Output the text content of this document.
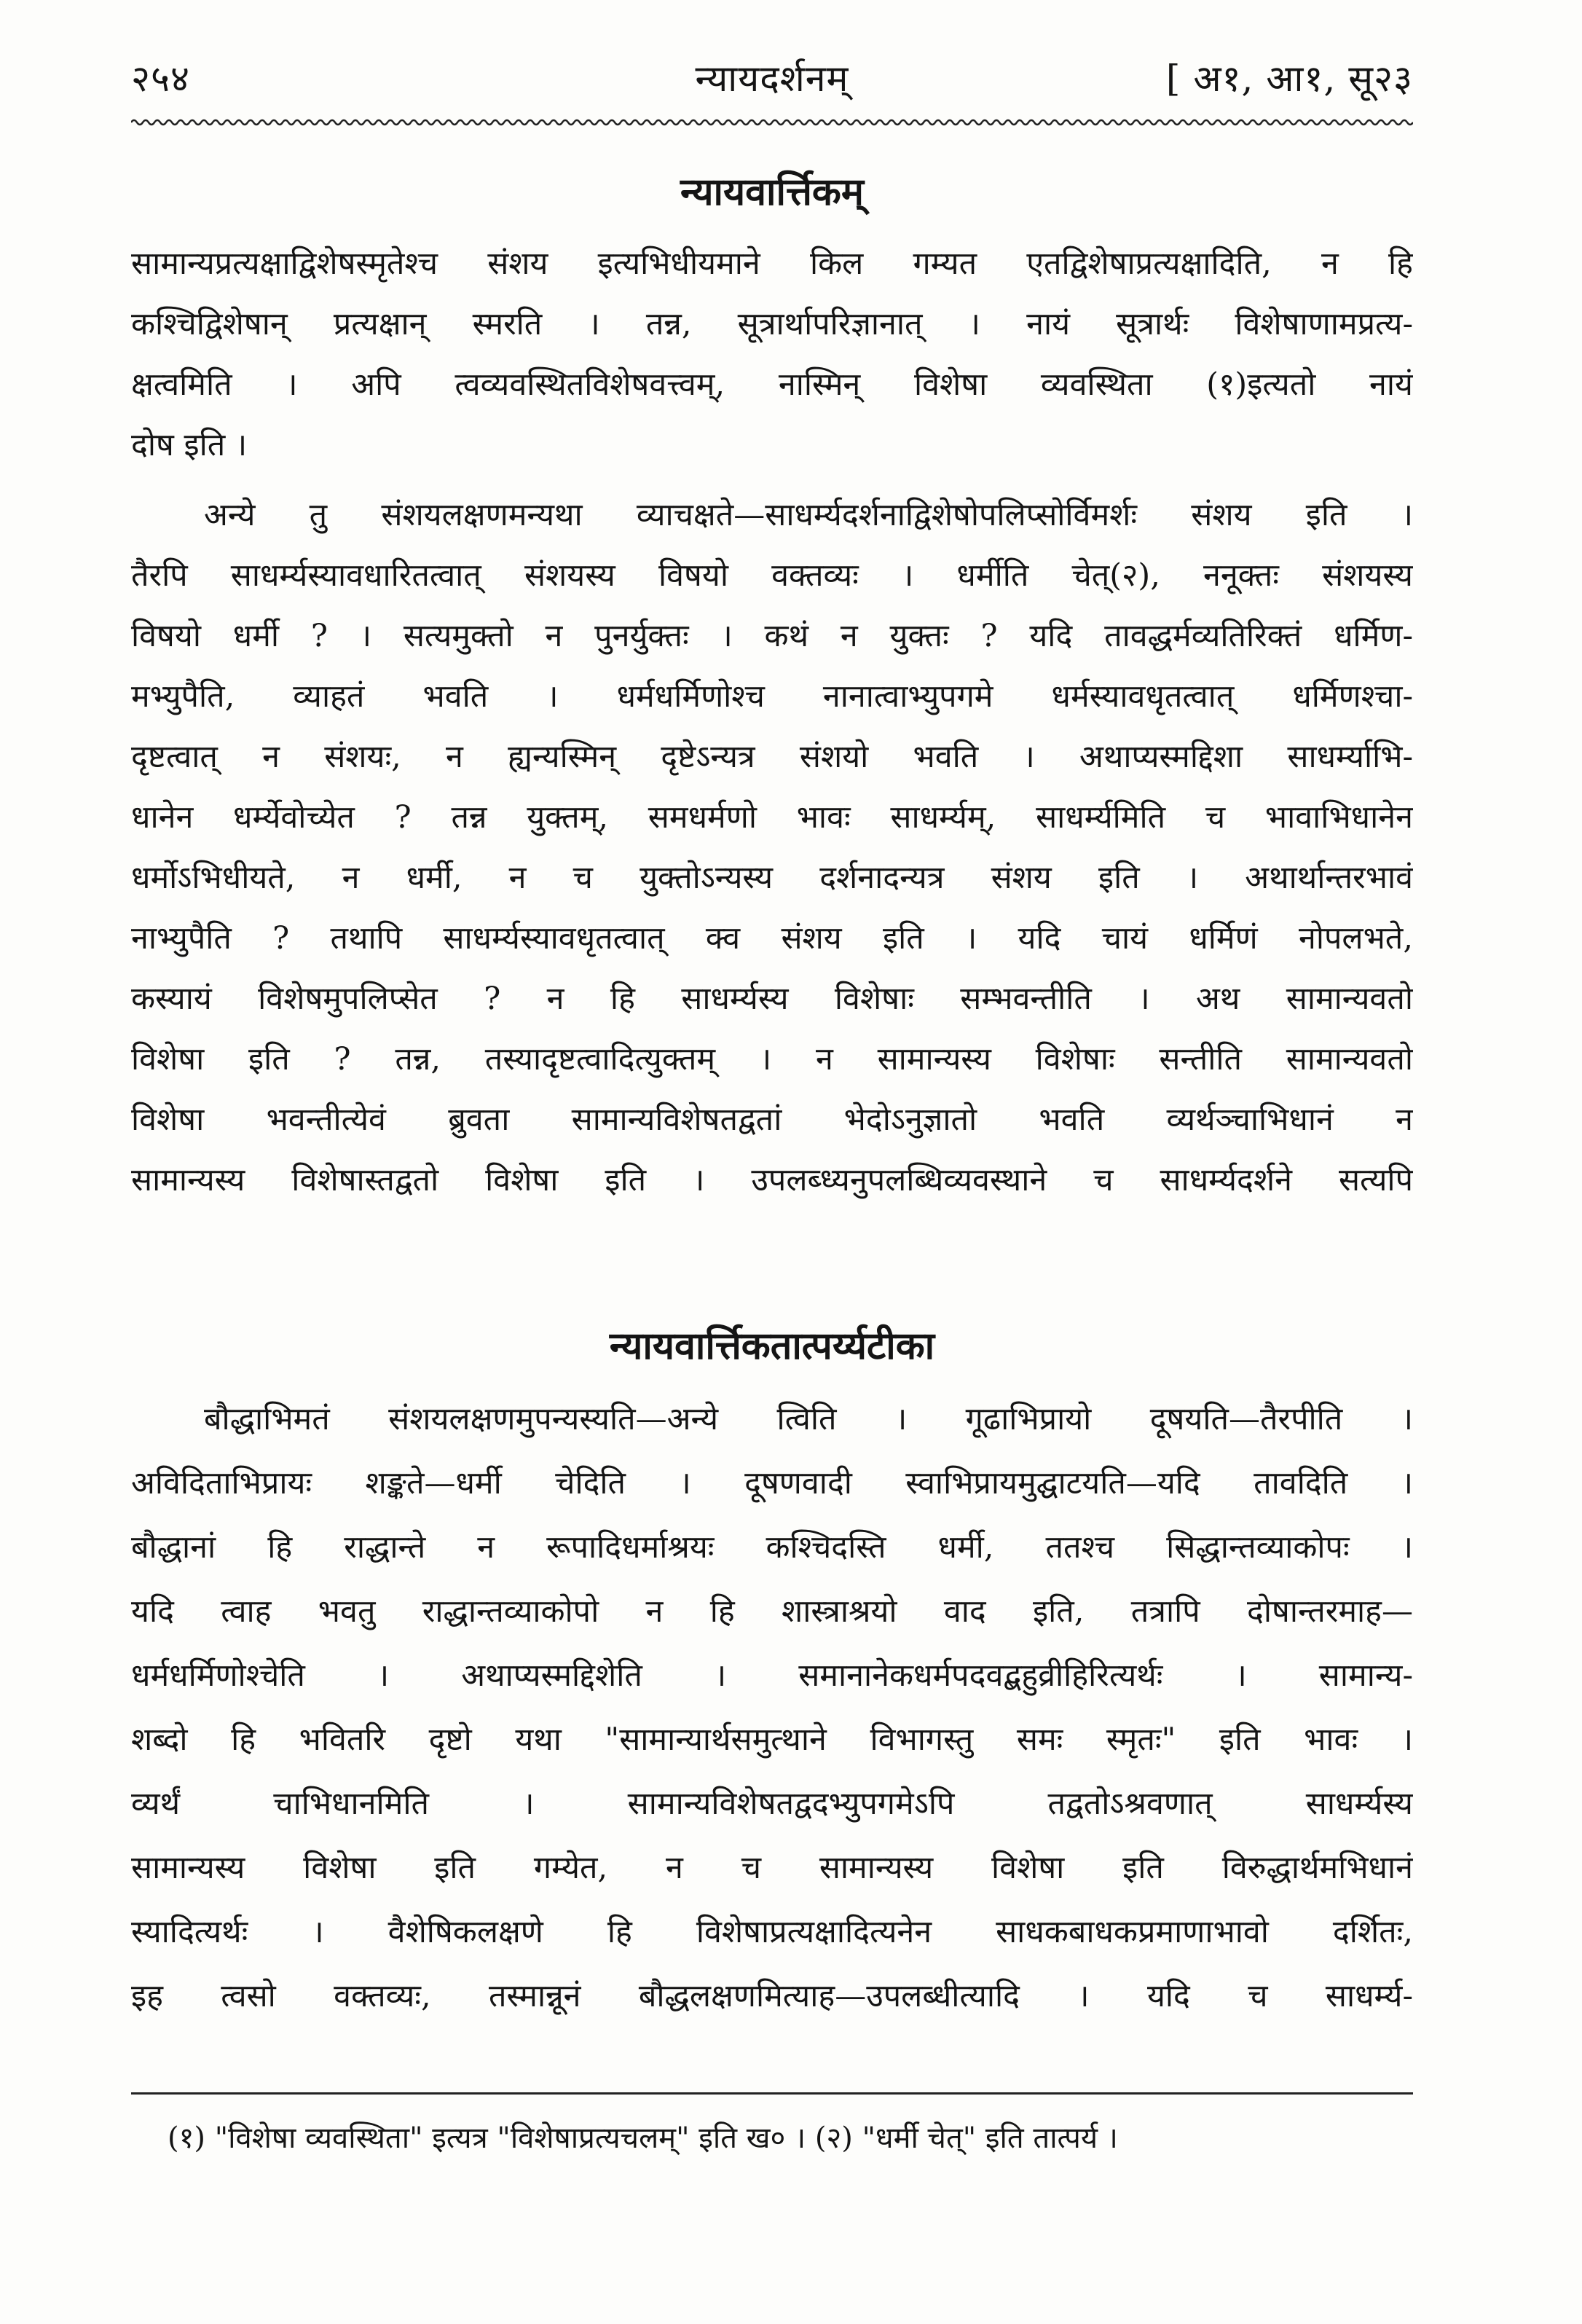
२५४	न्यायदर्शनम्	[ अ१, आ१, सू२३
न्यायवार्त्तिकम्
सामान्यप्रत्यक्षाद्विशेषस्मृतेश्च संशय इत्यभिधीयमाने किल गम्यत एतद्विशेषाप्रत्यक्षादिति, न हि
कश्चिद्विशेषान् प्रत्यक्षान् स्मरति । तन्न, सूत्रार्थापरिज्ञानात् । नायं सूत्रार्थः विशेषाणामप्रत्य-
क्षत्वमिति । अपि त्वव्यवस्थितविशेषवत्त्वम्, नास्मिन् विशेषा व्यवस्थिता (१)इत्यतो नायं
दोष इति ।
अन्ये तु संशयलक्षणमन्यथा व्याचक्षते—साधर्म्यदर्शनाद्विशेषोपलिप्सोर्विमर्शः संशय इति ।
तैरपि साधर्म्यस्यावधारितत्वात् संशयस्य विषयो वक्तव्यः । धर्मीति चेत्(२), ननूक्तः संशयस्य
विषयो धर्मी ? । सत्यमुक्तो न पुनर्युक्तः । कथं न युक्तः ? यदि तावद्धर्मव्यतिरिक्तं धर्मिण-
मभ्युपैति, व्याहतं भवति । धर्मधर्मिणोश्च नानात्वाभ्युपगमे धर्मस्यावधृतत्वात् धर्मिणश्चा-
दृष्टत्वात् न संशयः, न ह्यन्यस्मिन् दृष्टेऽन्यत्र संशयो भवति । अथाप्यस्मद्दिशा साधर्म्याभि-
धानेन धर्म्येवोच्येत ? तन्न युक्तम्, समधर्मणो भावः साधर्म्यम्, साधर्म्यमिति च भावाभिधानेन
धर्मोऽभिधीयते, न धर्मी, न च युक्तोऽन्यस्य दर्शनादन्यत्र संशय इति । अथार्थान्तरभावं
नाभ्युपैति ? तथापि साधर्म्यस्यावधृतत्वात् क्व संशय इति । यदि चायं धर्मिणं नोपलभते,
कस्यायं विशेषमुपलिप्सेत ? न हि साधर्म्यस्य विशेषाः सम्भवन्तीति । अथ सामान्यवतो
विशेषा इति ? तन्न, तस्यादृष्टत्वादित्युक्तम् । न सामान्यस्य विशेषाः सन्तीति सामान्यवतो
विशेषा भवन्तीत्येवं ब्रुवता सामान्यविशेषतद्वतां भेदोऽनुज्ञातो भवति व्यर्थञ्चाभिधानं न
सामान्यस्य विशेषास्तद्वतो विशेषा इति । उपलब्ध्यनुपलब्धिव्यवस्थाने च साधर्म्यदर्शने सत्यपि
न्यायवार्त्तिकतात्पर्य्यटीका
बौद्धाभिमतं संशयलक्षणमुपन्यस्यति—अन्ये त्विति । गूढाभिप्रायो दूषयति—तैरपीति ।
अविदिताभिप्रायः शङ्कते—धर्मी चेदिति । दूषणवादी स्वाभिप्रायमुद्घाटयति—यदि तावदिति ।
बौद्धानां हि राद्धान्ते न रूपादिधर्माश्रयः कश्चिदस्ति धर्मी, ततश्च सिद्धान्तव्याकोपः ।
यदि त्वाह भवतु राद्धान्तव्याकोपो न हि शास्त्राश्रयो वाद इति, तत्रापि दोषान्तरमाह—
धर्मधर्मिणोश्चेति । अथाप्यस्मद्दिशेति । समानानेकधर्मपदवद्बहुव्रीहिरित्यर्थः । सामान्य-
शब्दो हि भवितरि दृष्टो यथा "सामान्यार्थसमुत्थाने विभागस्तु समः स्मृतः" इति भावः ।
व्यर्थं चाभिधानमिति । सामान्यविशेषतद्वदभ्युपगमेऽपि तद्वतोऽश्रवणात् साधर्म्यस्य
सामान्यस्य विशेषा इति गम्येत, न च सामान्यस्य विशेषा इति विरुद्धार्थमभिधानं
स्यादित्यर्थः । वैशेषिकलक्षणे हि विशेषाप्रत्यक्षादित्यनेन साधकबाधकप्रमाणाभावो दर्शितः,
इह त्वसो वक्तव्यः, तस्मान्नूनं बौद्धलक्षणमित्याह—उपलब्धीत्यादि । यदि च साधर्म्य-
(१) "विशेषा व्यवस्थिता" इत्यत्र "विशेषाप्रत्यचलम्" इति ख० । (२) "धर्मी चेत्" इति तात्पर्य ।
